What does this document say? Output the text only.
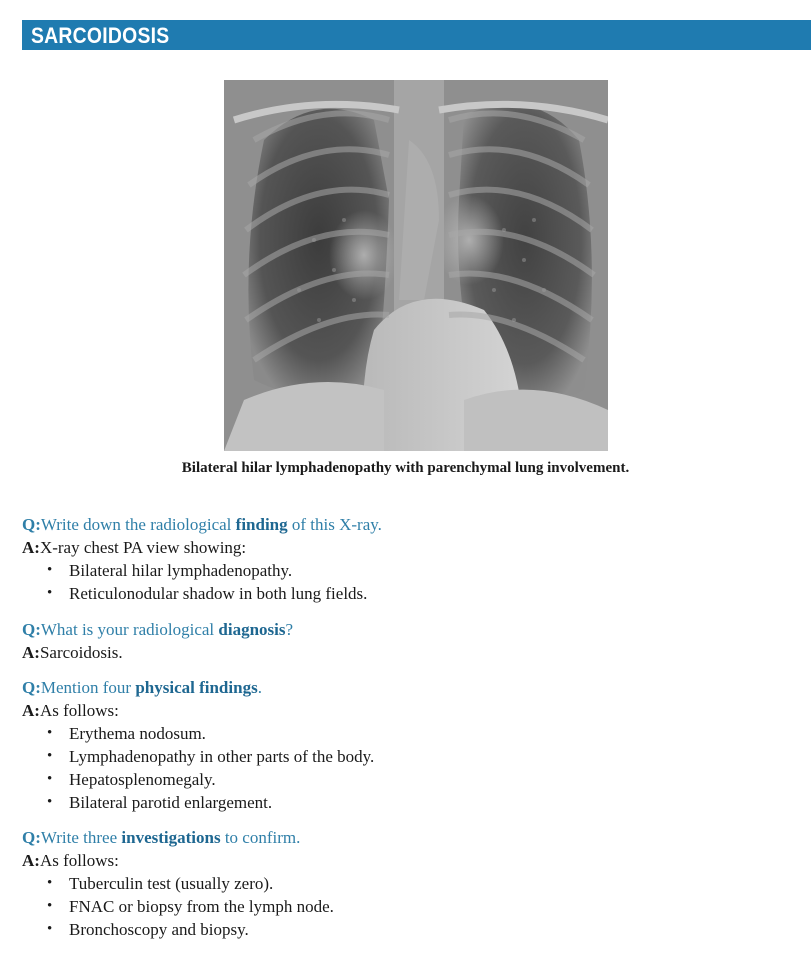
SARCOIDOSIS
Bilateral hilar lymphadenopathy with parenchymal lung involvement.
Q:Write down the radiological finding of this X-ray.
A:X-ray chest PA view showing:
• Bilateral hilar lymphadenopathy.
• Reticulonodular shadow in both lung fields.
Q:What is your radiological diagnosis?
A:Sarcoidosis.
Q:Mention four physical findings.
A:As follows:
• Erythema nodosum.
• Lymphadenopathy in other parts of the body.
• Hepatosplenomegaly.
• Bilateral parotid enlargement.
Q:Write three investigations to confirm.
A:As follows:
• Tuberculin test (usually zero).
• FNAC or biopsy from the lymph node.
• Bronchoscopy and biopsy.
